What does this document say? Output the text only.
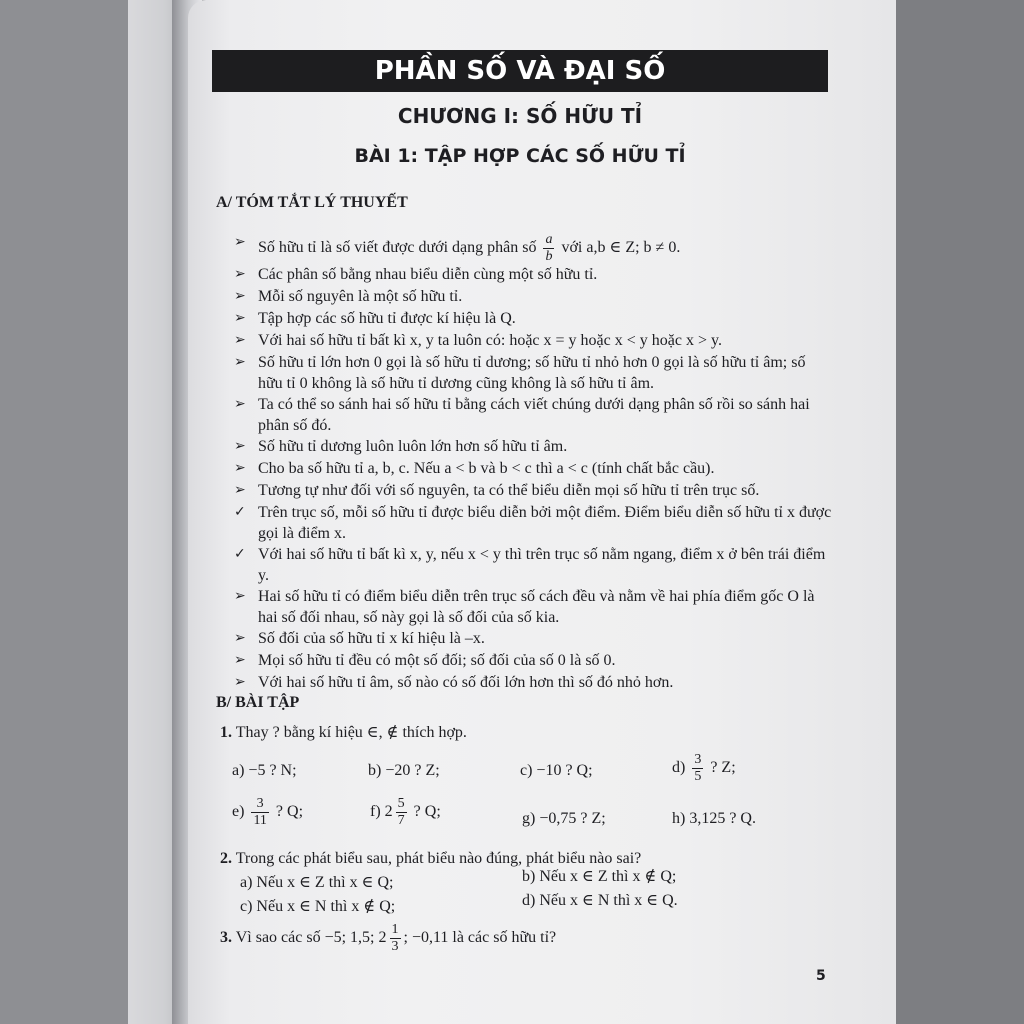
PHẦN SỐ VÀ ĐẠI SỐ
CHƯƠNG I: SỐ HỮU TỈ
BÀI 1: TẬP HỢP CÁC SỐ HỮU TỈ
A/ TÓM TẮT LÝ THUYẾT
➢ Số hữu tỉ là số viết được dưới dạng phân số $\frac{a}{b}$ với a,b ∈ Z; b ≠ 0.
➢ Các phân số bằng nhau biểu diễn cùng một số hữu tỉ.
➢ Mỗi số nguyên là một số hữu tỉ.
➢ Tập hợp các số hữu tỉ được kí hiệu là Q.
➢ Với hai số hữu tỉ bất kì x, y ta luôn có: hoặc x = y hoặc x < y hoặc x > y.
➢ Số hữu tỉ lớn hơn 0 gọi là số hữu tỉ dương; số hữu tỉ nhỏ hơn 0 gọi là số hữu tỉ âm; số hữu tỉ 0 không là số hữu tỉ dương cũng không là số hữu tỉ âm.
➢ Ta có thể so sánh hai số hữu tỉ bằng cách viết chúng dưới dạng phân số rồi so sánh hai phân số đó.
➢ Số hữu tỉ dương luôn luôn lớn hơn số hữu tỉ âm.
➢ Cho ba số hữu tỉ a, b, c. Nếu a < b và b < c thì a < c (tính chất bắc cầu).
➢ Tương tự như đối với số nguyên, ta có thể biểu diễn mọi số hữu tỉ trên trục số.
✓ Trên trục số, mỗi số hữu tỉ được biểu diễn bởi một điểm. Điểm biểu diễn số hữu tỉ x được gọi là điểm x.
✓ Với hai số hữu tỉ bất kì x, y, nếu x < y thì trên trục số nằm ngang, điểm x ở bên trái điểm y.
➢ Hai số hữu tỉ có điểm biểu diễn trên trục số cách đều và nằm về hai phía điểm gốc O là hai số đối nhau, số này gọi là số đối của số kia.
➢ Số đối của số hữu tỉ x kí hiệu là –x.
➢ Mọi số hữu tỉ đều có một số đối; số đối của số 0 là số 0.
➢ Với hai số hữu tỉ âm, số nào có số đối lớn hơn thì số đó nhỏ hơn.
B/ BÀI TẬP
1. Thay ? bằng kí hiệu ∈, ∉ thích hợp.
a) −5 ? N;	b) −20 ? Z;	c) −10 ? Q;	$d) \frac{3}{5}$ ? Z;
$e) \frac{3}{11}$ ? Q;	f) $2 \frac{5}{7}$ ? Q;	g) −0,75 ? Z;	h) 3,125 ? Q.
2. Trong các phát biểu sau, phát biểu nào đúng, phát biểu nào sai?
a) Nếu x ∈ Z thì x ∈ Q;	b) Nếu x ∈ Z thì x ∉ Q;
c) Nếu x ∈ N thì x ∉ Q;	d) Nếu x ∈ N thì x ∈ Q.
3. Vì sao các số −5; 1,5; $2 \frac{1}{3}$ ; −0,11 là các số hữu tỉ?
5
